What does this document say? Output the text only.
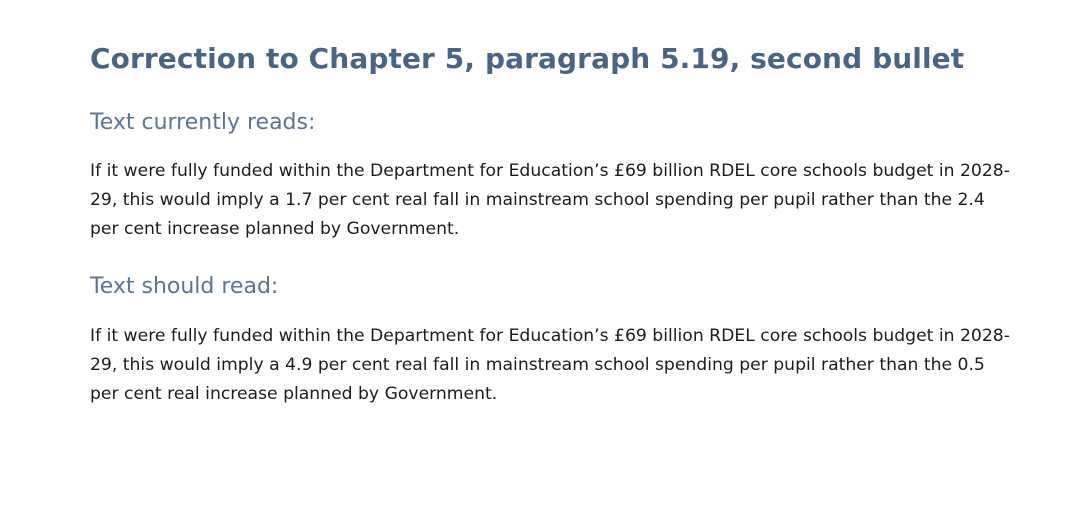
Correction to Chapter 5, paragraph 5.19, second bullet
Text currently reads:

If it were fully funded within the Department for Education’s £69 billion RDEL core schools budget in 2028-29, this would imply a 1.7 per cent real fall in mainstream school spending per pupil rather than the 2.4 per cent increase planned by Government.

Text should read:

If it were fully funded within the Department for Education’s £69 billion RDEL core schools budget in 2028-29, this would imply a 4.9 per cent real fall in mainstream school spending per pupil rather than the 0.5 per cent real increase planned by Government.
